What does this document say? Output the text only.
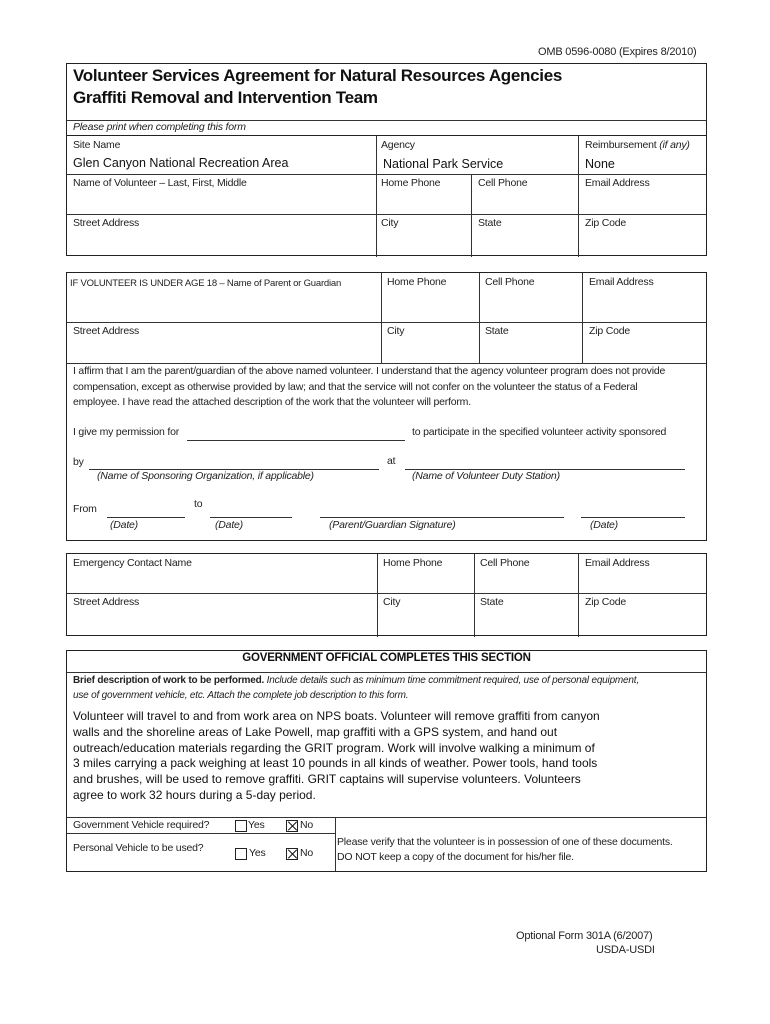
OMB 0596-0080 (Expires 8/2010)
Volunteer Services Agreement for Natural Resources Agencies
Graffiti Removal and Intervention Team
Please print when completing this form
Site Name
Glen Canyon National Recreation Area
Agency
National Park Service
Reimbursement (if any)
None
Name of Volunteer – Last, First, Middle	Home Phone	Cell Phone	Email Address
Street Address	City	State	Zip Code
IF VOLUNTEER IS UNDER AGE 18 – Name of Parent or Guardian	Home Phone	Cell Phone	Email Address
Street Address	City	State	Zip Code
I affirm that I am the parent/guardian of the above named volunteer. I understand that the agency volunteer program does not provide
compensation, except as otherwise provided by law; and that the service will not confer on the volunteer the status of a Federal
employee. I have read the attached description of the work that the volunteer will perform.
I give my permission for	to participate in the specified volunteer activity sponsored
by	at
(Name of Sponsoring Organization, if applicable)	(Name of Volunteer Duty Station)
From	to
(Date)	(Date)	(Parent/Guardian Signature)	(Date)
Emergency Contact Name	Home Phone	Cell Phone	Email Address
Street Address	City	State	Zip Code
GOVERNMENT OFFICIAL COMPLETES THIS SECTION
Brief description of work to be performed. Include details such as minimum time commitment required, use of personal equipment,
use of government vehicle, etc. Attach the complete job description to this form.
Volunteer will travel to and from work area on NPS boats. Volunteer will remove graffiti from canyon
walls and the shoreline areas of Lake Powell, map graffiti with a GPS system, and hand out
outreach/education materials regarding the GRIT program. Work will involve walking a minimum of
3 miles carrying a pack weighing at least 10 pounds in all kinds of weather. Power tools, hand tools
and brushes, will be used to remove graffiti. GRIT captains will supervise volunteers. Volunteers
agree to work 32 hours during a 5-day period.
Government Vehicle required?	Yes	No
Personal Vehicle to be used?	Yes	No
Please verify that the volunteer is in possession of one of these documents.
DO NOT keep a copy of the document for his/her file.
Optional Form 301A (6/2007)
USDA-USDI
